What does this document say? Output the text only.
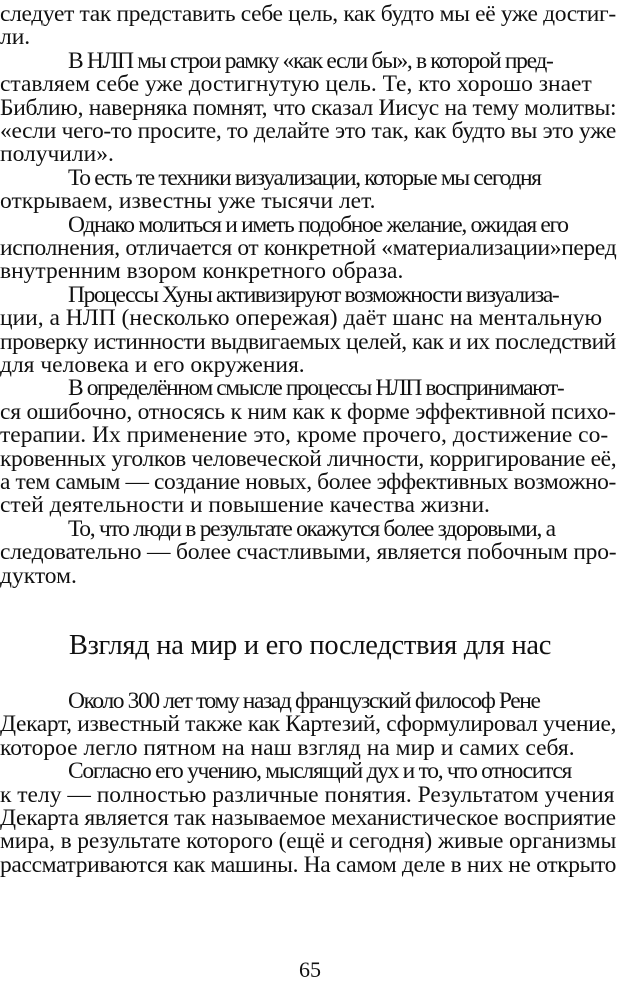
следует так представить себе цель, как будто мы её уже достиг-
ли.
В НЛП мы строи рамку «как если бы», в которой пред-
ставляем себе уже достигнутую цель. Те, кто хорошо знает
Библию, наверняка помнят, что сказал Иисус на тему молитвы:
«если чего-то просите, то делайте это так, как будто вы это уже
получили».
То есть те техники визуализации, которые мы сегодня
открываем, известны уже тысячи лет.
Однако молиться и иметь подобное желание, ожидая его
исполнения, отличается от конкретной «материализации»перед
внутренним взором конкретного образа.
Процессы Хуны активизируют возможности визуализа-
ции, а НЛП (несколько опережая) даёт шанс на ментальную
проверку истинности выдвигаемых целей, как и их последствий
для человека и его окружения.
В определённом смысле процессы НЛП воспринимают-
ся ошибочно, относясь к ним как к форме эффективной психо-
терапии. Их применение это, кроме прочего, достижение со-
кровенных уголков человеческой личности, корригирование её,
а тем самым — создание новых, более эффективных возможно-
стей деятельности и повышение качества жизни.
То, что люди в результате окажутся более здоровыми, а
следовательно — более счастливыми, является побочным про-
дуктом.
Около 300 лет тому назад французский философ Рене
Декарт, известный также как Картезий, сформулировал учение,
которое легло пятном на наш взгляд на мир и самих себя.
Согласно его учению, мыслящий дух и то, что относится
к телу — полностью различные понятия. Результатом учения
Декарта является так называемое механистическое восприятие
мира, в результате которого (ещё и сегодня) живые организмы
рассматриваются как машины. На самом деле в них не открыто
Взгляд на мир и его последствия для нас
65
